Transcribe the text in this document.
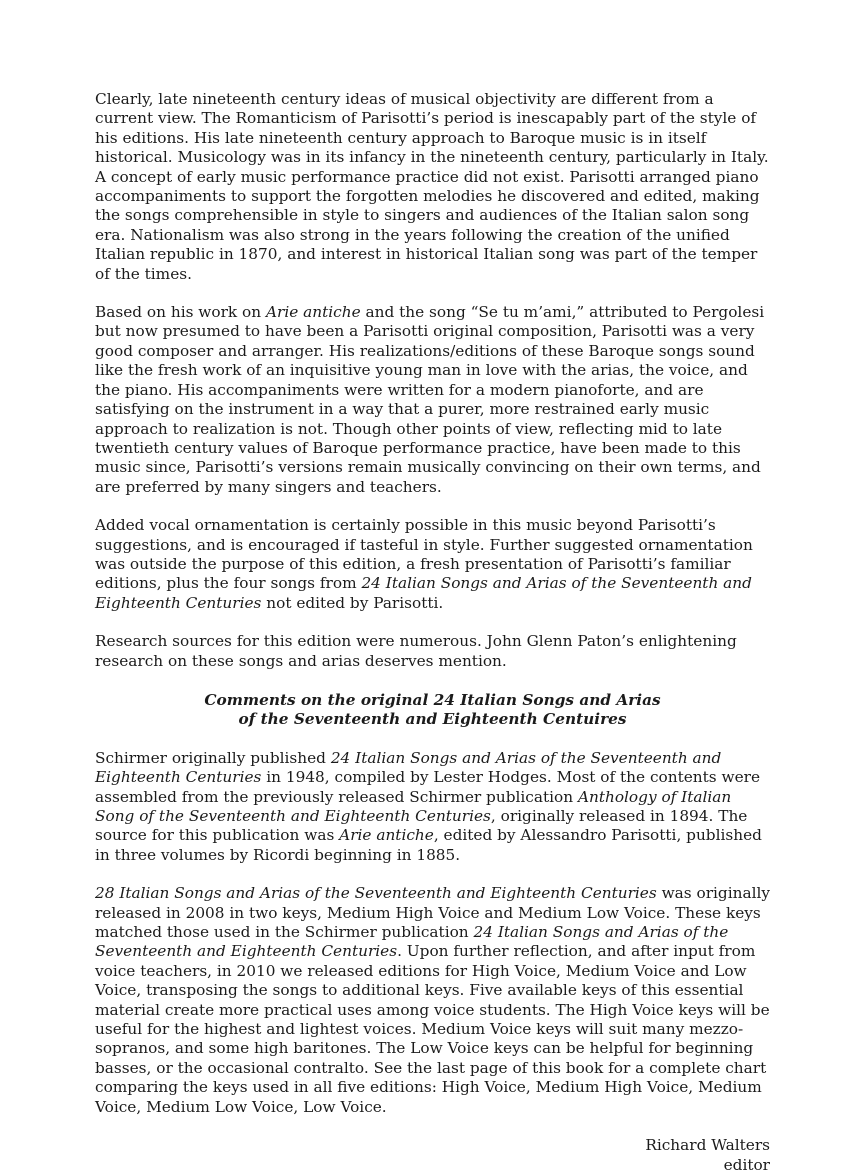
Clearly, late nineteenth century ideas of musical objectivity are different from a current view. The Romanticism of Parisotti’s period is inescapably part of the style of his editions. His late nineteenth century approach to Baroque music is in itself historical. Musicology was in its infancy in the nineteenth century, particularly in Italy. A concept of early music performance practice did not exist. Parisotti arranged piano accompaniments to support the forgotten melodies he discovered and edited, making the songs comprehensible in style to singers and audiences of the Italian salon song era. Nationalism was also strong in the years following the creation of the unified Italian republic in 1870, and interest in historical Italian song was part of the temper of the times.

Based on his work on Arie antiche and the song “Se tu m’ami,” attributed to Pergolesi but now presumed to have been a Parisotti original composition, Parisotti was a very good composer and arranger. His realizations/editions of these Baroque songs sound like the fresh work of an inquisitive young man in love with the arias, the voice, and the piano. His accompaniments were written for a modern pianoforte, and are satisfying on the instrument in a way that a purer, more restrained early music approach to realization is not. Though other points of view, reflecting mid to late twentieth century values of Baroque performance practice, have been made to this music since, Parisotti’s versions remain musically convincing on their own terms, and are preferred by many singers and teachers.

Added vocal ornamentation is certainly possible in this music beyond Parisotti’s suggestions, and is encouraged if tasteful in style. Further suggested ornamentation was outside the purpose of this edition, a fresh presentation of Parisotti’s familiar editions, plus the four songs from 24 Italian Songs and Arias of the Seventeenth and Eighteenth Centuries not edited by Parisotti.

Research sources for this edition were numerous. John Glenn Paton’s enlightening research on these songs and arias deserves mention.

Comments on the original 24 Italian Songs and Arias
of the Seventeenth and Eighteenth Centuires

Schirmer originally published 24 Italian Songs and Arias of the Seventeenth and Eighteenth Centuries in 1948, compiled by Lester Hodges. Most of the contents were assembled from the previously released Schirmer publication Anthology of Italian Song of the Seventeenth and Eighteenth Centuries, originally released in 1894. The source for this publication was Arie antiche, edited by Alessandro Parisotti, published in three volumes by Ricordi beginning in 1885.

28 Italian Songs and Arias of the Seventeenth and Eighteenth Centuries was originally released in 2008 in two keys, Medium High Voice and Medium Low Voice. These keys matched those used in the Schirmer publication 24 Italian Songs and Arias of the Seventeenth and Eighteenth Centuries. Upon further reflection, and after input from voice teachers, in 2010 we released editions for High Voice, Medium Voice and Low Voice, transposing the songs to additional keys. Five available keys of this essential material create more practical uses among voice students. The High Voice keys will be useful for the highest and lightest voices. Medium Voice keys will suit many mezzo-sopranos, and some high baritones. The Low Voice keys can be helpful for beginning basses, or the occasional contralto. See the last page of this book for a complete chart comparing the keys used in all five editions: High Voice, Medium High Voice, Medium Voice, Medium Low Voice, Low Voice.

Richard Walters
editor
